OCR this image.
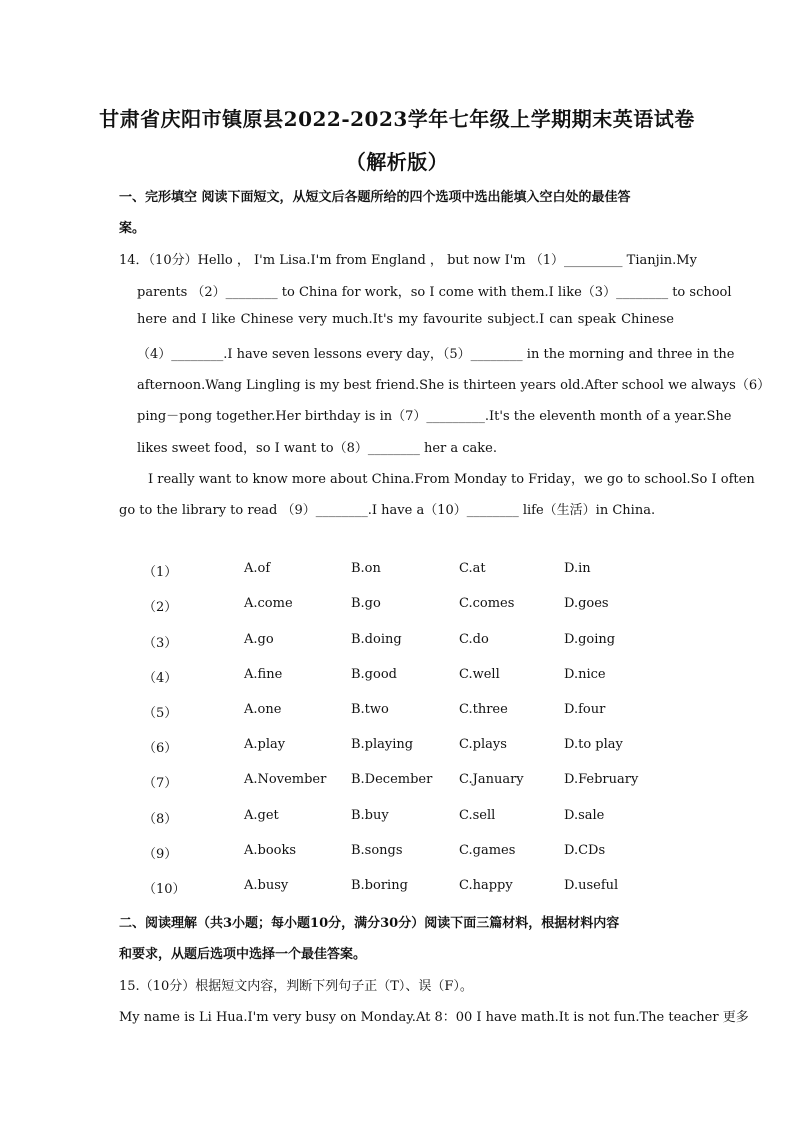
甘肃省庆阳市镇原县2022-2023学年七年级上学期期末英语试卷
（解析版）
一、完形填空 阅读下面短文，从短文后各题所给的四个选项中选出能填入空白处的最佳答
案。
14．（10分）Hello ， I'm Lisa.I'm from England ， but now I'm （1）_________ Tianjin.My
parents （2）________ to China for work，so I come with them.I like（3）________ to school
here and I like Chinese very much.It's my favourite subject.I can speak Chinese
（4）________.I have seven lessons every day，（5）________ in the morning and three in the
afternoon.Wang Lingling is my best friend.She is thirteen years old.After school we always（6）
ping－pong together.Her birthday is in（7）_________.It's the eleventh month of a year.She
likes sweet food，so I want to（8）________ her a cake.
I really want to know more about China.From Monday to Friday，we go to school.So I often
go to the library to read （9）________.I have a（10）________ life（生活）in China.
（1）	A.of	B.on	C.at	D.in
（2）	A.come	B.go	C.comes	D.goes
（3）	A.go	B.doing	C.do	D.going
（4）	A.fine	B.good	C.well	D.nice
（5）	A.one	B.two	C.three	D.four
（6）	A.play	B.playing	C.plays	D.to play
（7）	A.November B.December C.January	D.February
（8）	A.get	B.buy	C.sell	D.sale
（9）	A.books	B.songs	C.games	D.CDs
（10）	A.busy	B.boring	C.happy	D.useful
二、阅读理解（共3小题；每小题10分，满分30分）阅读下面三篇材料，根据材料内容
和要求，从题后选项中选择一个最佳答案。
15.（10分）根据短文内容，判断下列句子正（T）、误（F）。
My name is Li Hua.I'm very busy on Monday.At 8：00 I have math.It is not fun.The teacher 更多
